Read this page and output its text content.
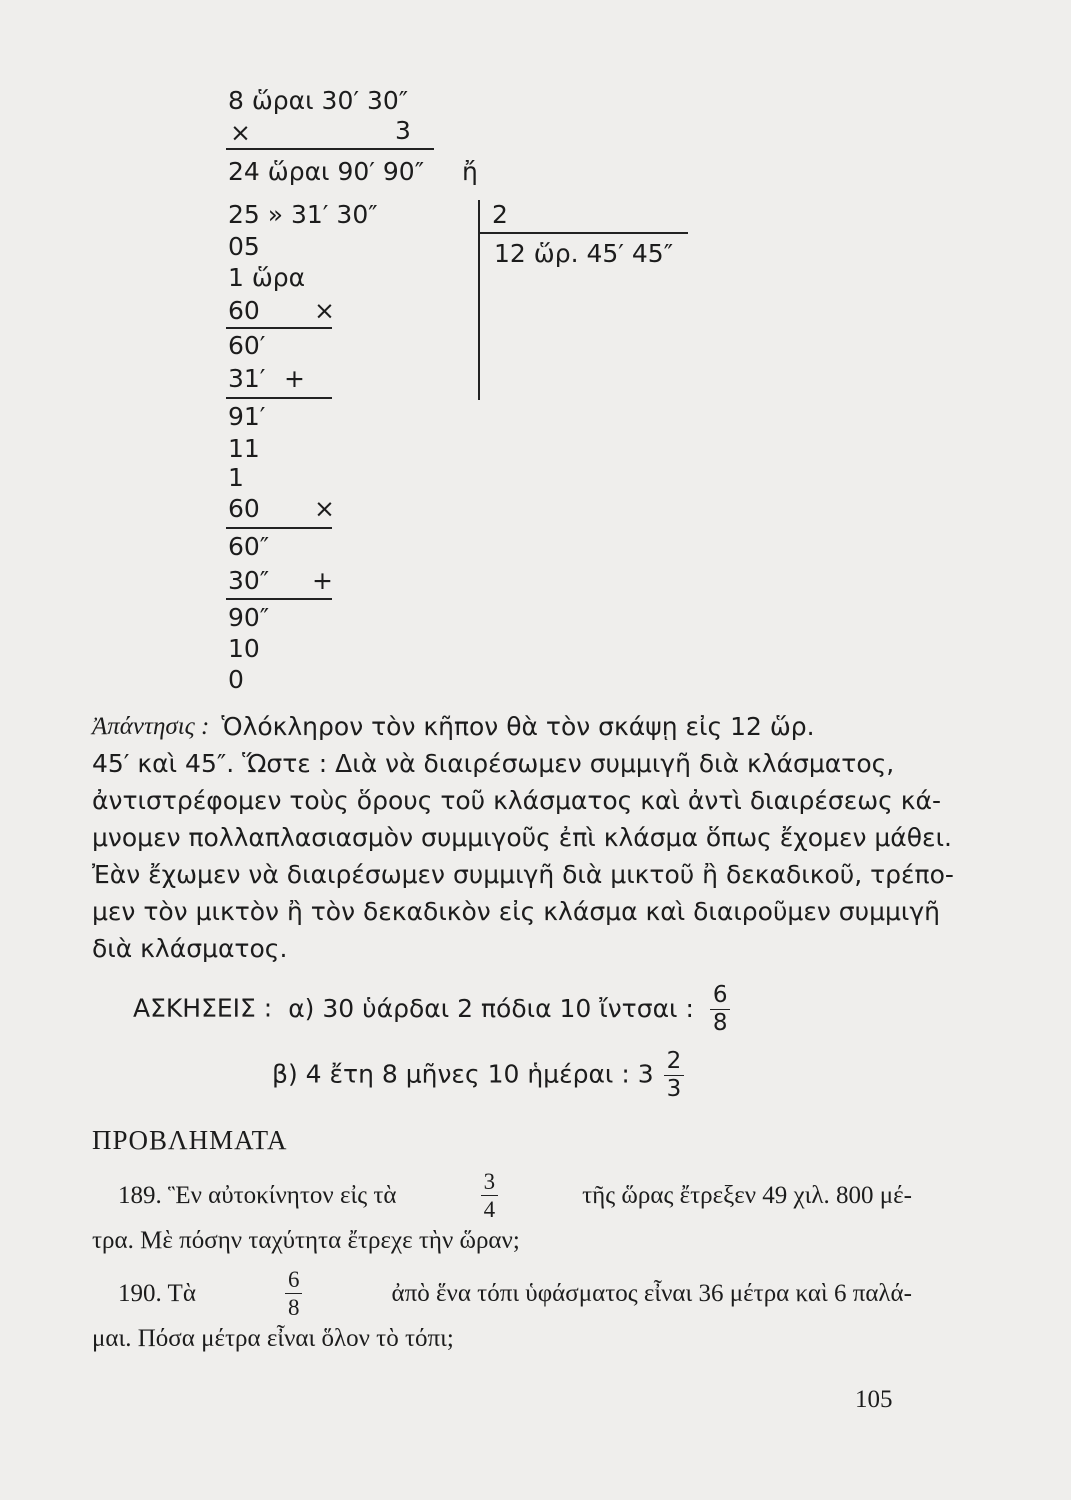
8 ὥραι 30′ 30″
×	3
24 ὥραι 90′ 90″ ἤ
25 » 31′ 30″	2
12 ὥρ. 45′ 45″
05
1 ὥρα
60 ×
60′
31′ +
91′
11
1
60 ×
60″
30″ +
90″
10
0
Ἀπάντησις : Ὁλόκληρον τὸν κῆπον θὰ τὸν σκάψῃ εἰς 12 ὥρ.
45′ καὶ 45″. Ὥστε : Διὰ νὰ διαιρέσωμεν συμμιγῆ διὰ κλάσματος,
ἀντιστρέφομεν τοὺς ὅρους τοῦ κλάσματος καὶ ἀντὶ διαιρέσεως κά-
μνομεν πολλαπλασιασμὸν συμμιγοῦς ἐπὶ κλάσμα ὅπως ἔχομεν μάθει.
Ἐὰν ἔχωμεν νὰ διαιρέσωμεν συμμιγῆ διὰ μικτοῦ ἢ δεκαδικοῦ, τρέπο-
μεν τὸν μικτὸν ἢ τὸν δεκαδικὸν εἰς κλάσμα καὶ διαιροῦμεν συμμιγῆ
διὰ κλάσματος.
ΑΣΚΗΣΕΙΣ : α) 30 ὑάρδαι 2 πόδια 10 ἴντσαι : $\frac{6}{8}$
β) 4 ἔτη 8 μῆνες 10 ἡμέραι : $3 \frac{2}{3}$
ΠΡΟΒΛΗΜΑΤΑ
189. Ἓν αὐτοκίνητον εἰς τὰ	$\frac{3}{4}$	τῆς ὥρας ἔτρεξεν 49 χιλ. 800 μέ-
τρα. Μὲ πόσην ταχύτητα ἔτρεχε τὴν ὥραν;
190. Τὰ	$\frac{6}{8}$	ἀπὸ ἕνα τόπι ὑφάσματος εἶναι 36 μέτρα καὶ 6 παλά-
μαι. Πόσα μέτρα εἶναι ὅλον τὸ τόπι;
105
